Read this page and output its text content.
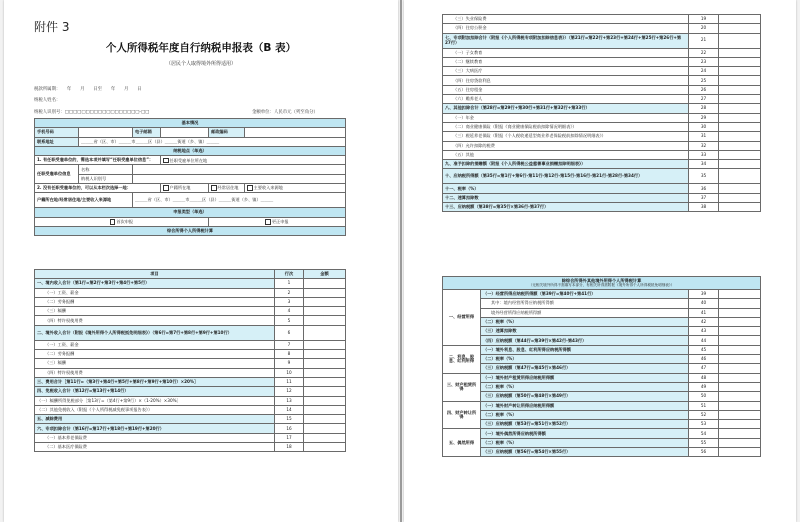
附件 3
个人所得税年度自行纳税申报表（B 表）
（居民个人取得境外所得适用）
税款所属期：　　年　　月　　日至　　年　　月　　日
纳税人姓名：
纳税人识别号：□□□□□□□□□□□□□□□□□□-□□	金额单位：人民币元（列至角分）
基本情况					
手机号码		电子邮箱		邮政编码	
联系地址	＿＿＿省（区、市）＿＿＿市＿＿＿区（县）＿＿＿街道（乡、镇）＿＿＿				
纳税地点（单选）					
1. 有任职受雇单位的，需选本项并填写“任职受雇单位信息”：			任职受雇单位所在地		
任职受雇单位信息	名称				
	纳税人识别号				
2. 没有任职受雇单位的，可以从本栏次选择一地：			户籍所在地	经常居住地	主要收入来源地
户籍所在地/经常居住地/主要收入来源地		＿＿＿省（区、市）＿＿＿市＿＿＿区（县）＿＿＿街道（乡、镇）＿＿＿			
申报类型（单选）					
首次申报				更正申报	
综合所得个人所得税计算					
项目	行次	金额
一、境内收入合计（第1行=第2行+第3行+第4行+第5行）	1	
（一）工资、薪金	2	
（二）劳务报酬	3	
（三）稿酬	4	
（四）特许权使用费	5	
二、境外收入合计（附报《境外所得个人所得税抵免明细表》）（第6行=第7行+第8行+第9行+第10行）	6	
（一）工资、薪金	7	
（二）劳务报酬	8	
（三）稿酬	9	
（四）特许权使用费	10	
三、费用合计［第11行=（第3行+第4行+第5行+第8行+第9行+第10行）×20%］	11	
四、免税收入合计（第12行=第13行+第14行）	12	
（一）稿酬所得免税部分［第13行=（第4行+第9行）×（1-20%）×30%］	13	
（二）其他免税收入（附报《个人所得税减免税事项报告表》）	14	
五、减除费用	15	
六、专项扣除合计（第16行=第17行+第18行+第19行+第20行）	16	
（一）基本养老保险费	17	
（二）基本医疗保险费	18	
（三）失业保险费	19	
（四）住房公积金	20	
七、专项附加扣除合计（附报《个人所得税专项附加扣除信息表》）（第21行=第22行+第23行+第24行+第25行+第26行+第27行）	21	
（一）子女教育	22	
（二）继续教育	23	
（三）大病医疗	24	
（四）住房贷款利息	25	
（五）住房租金	26	
（六）赡养老人	27	
八、其他扣除合计（第28行=第29行+第30行+第31行+第32行+第33行）	28	
（一）年金	29	
（二）商业健康保险（附报《商业健康保险税前扣除情况明细表》）	30	
（三）税延养老保险（附报《个人税收递延型商业养老保险税前扣除情况明细表》）	31	
（四）允许扣除的税费	32	
（五）其他	33	
九、准予扣除的捐赠额（附报《个人所得税公益慈善事业捐赠扣除明细表》）	34	
十、应纳税所得额（第35行=第1行+第6行-第11行-第12行-第15行-第16行-第21行-第28行-第34行）	35	
十一、税率（%）	36	
十二、速算扣除数	37	
十三、应纳税额（第38行=第35行×第36行-第37行）	38	
除综合所得外其他境外所得个人所得税计算
（无相关境外所得不需填写本部分，有相关所得需附报《境外所得个人所得税抵免明细表》）			

一、经营所得	（一）经营所得应纳税所得额（第39行=第40行+第41行）	39	
	其中：境内经营所得应纳税所得额	40	
	境外经营所得应纳税所得额	41	
	（二）税率（%）	42	
	（三）速算扣除数	43	
	（四）应纳税额（第44行=第39行×第42行-第43行）	44	
二、利息、股息、红利所得	（一）境外利息、股息、红利所得应纳税所得额	45	
	（二）税率（%）	46	
	（三）应纳税额（第47行=第45行×第46行）	47	
三、财产租赁所得	（一）境外财产租赁所得应纳税所得额	48	
	（二）税率（%）	49	
	（三）应纳税额（第50行=第48行×第49行）	50	
四、财产转让所得	（一）境外财产转让所得应纳税所得额	51	
	（二）税率（%）	52	
	（三）应纳税额（第53行=第51行×第52行）	53	
五、偶然所得	（一）境外偶然所得应纳税所得额	54	
	（二）税率（%）	55	
	（三）应纳税额（第56行=第54行×第55行）	56	
